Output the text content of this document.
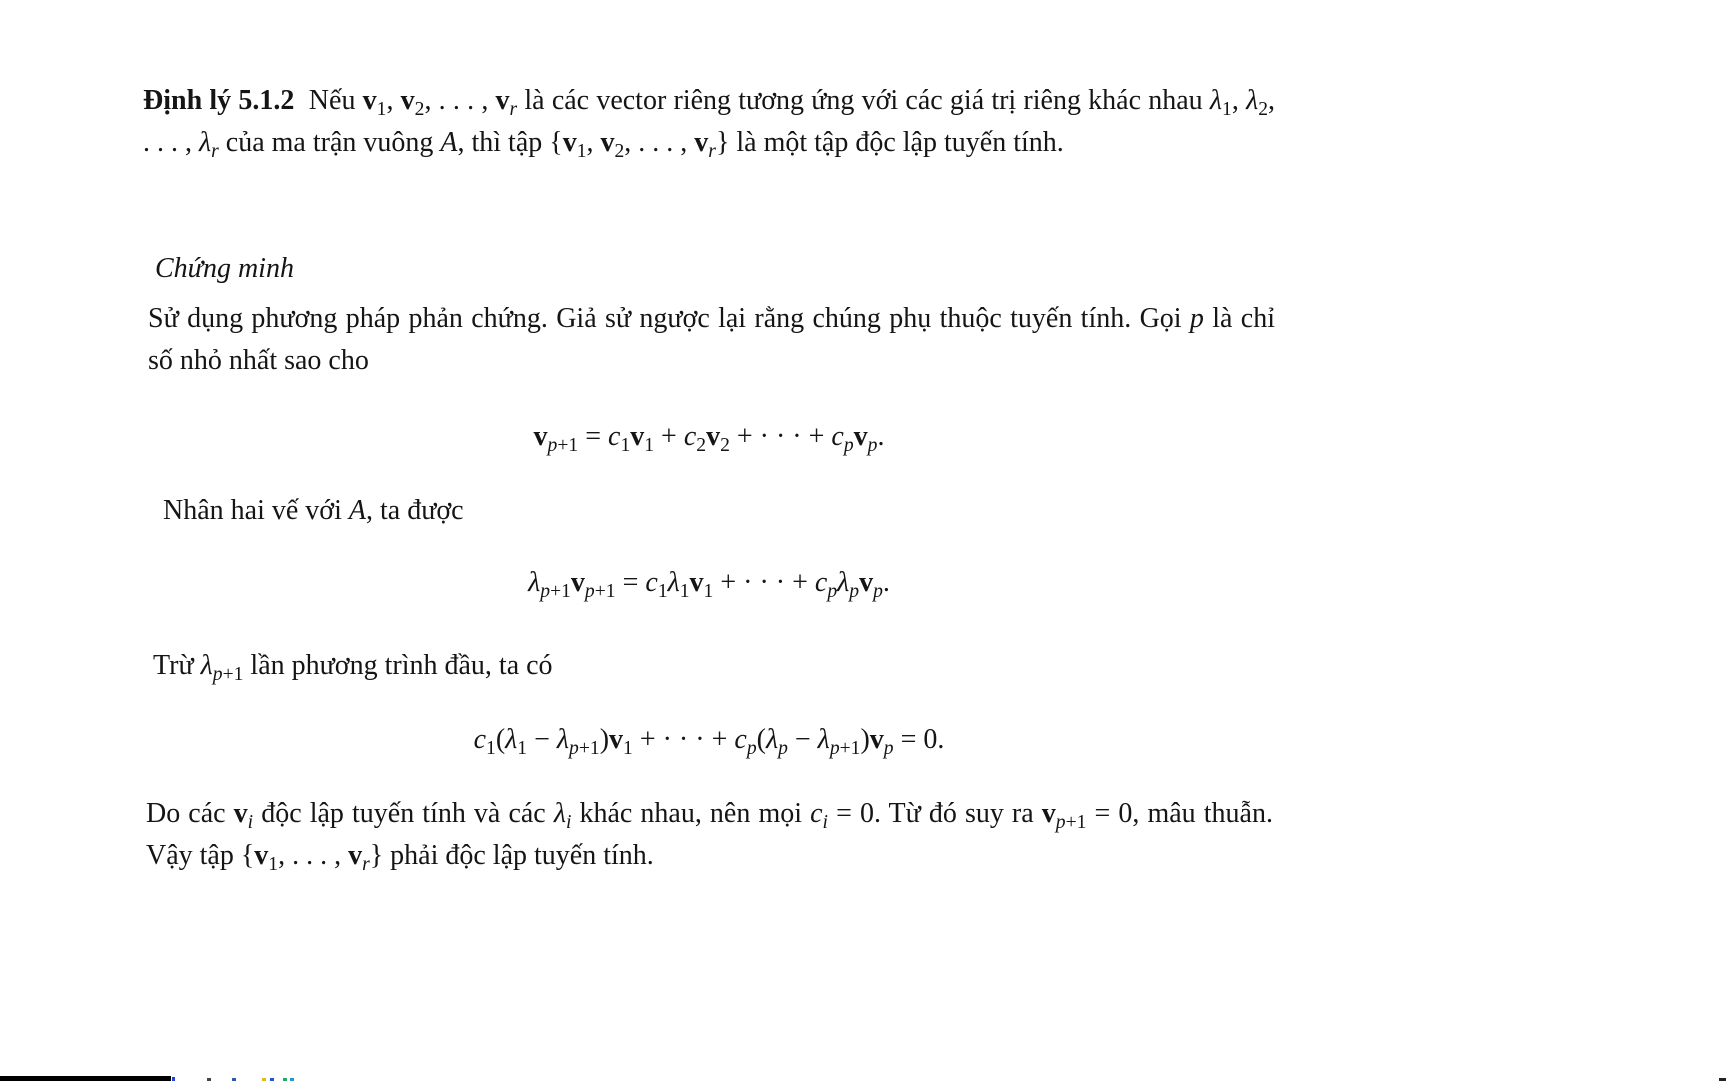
Định lý 5.1.2  Nếu $v_1$, $v_2$, . . . , $v_r$ là các vector riêng tương ứng với các giá trị riêng khác nhau $\lambda_1$, $\lambda_2$, . . . , $\lambda_r$ của ma trận vuông A, thì tập {$v_1$, $v_2$, . . . , $v_r$} là một tập độc lập tuyến tính.
Chứng minh
Sử dụng phương pháp phản chứng. Giả sử ngược lại rằng chúng phụ thuộc tuyến tính. Gọi p là chỉ số nhỏ nhất sao cho
$v_{p+1} = c_1v_1 + c_2v_2$ + · · · + $c_pv_p$.
Nhân hai vế với A, ta được
$\lambda_{p+1}v_{p+1} = c_1\lambda_1v_1$ + · · · + $c_p\lambda_pv_p$.
Trừ $\lambda_{p+1}$ lần phương trình đầu, ta có
$c_1(\lambda_1 - \lambda_{p+1})v_1$ + · · · + $c_p(\lambda_p - \lambda_{p+1})v_p = 0$.
Do các $v_i$ độc lập tuyến tính và các $\lambda_i$ khác nhau, nên mọi $c_i = 0$. Từ đó suy ra $v_{p+1} = 0$, mâu thuẫn. Vậy tập {$v_1$, . . . , $v_r$} phải độc lập tuyến tính.
